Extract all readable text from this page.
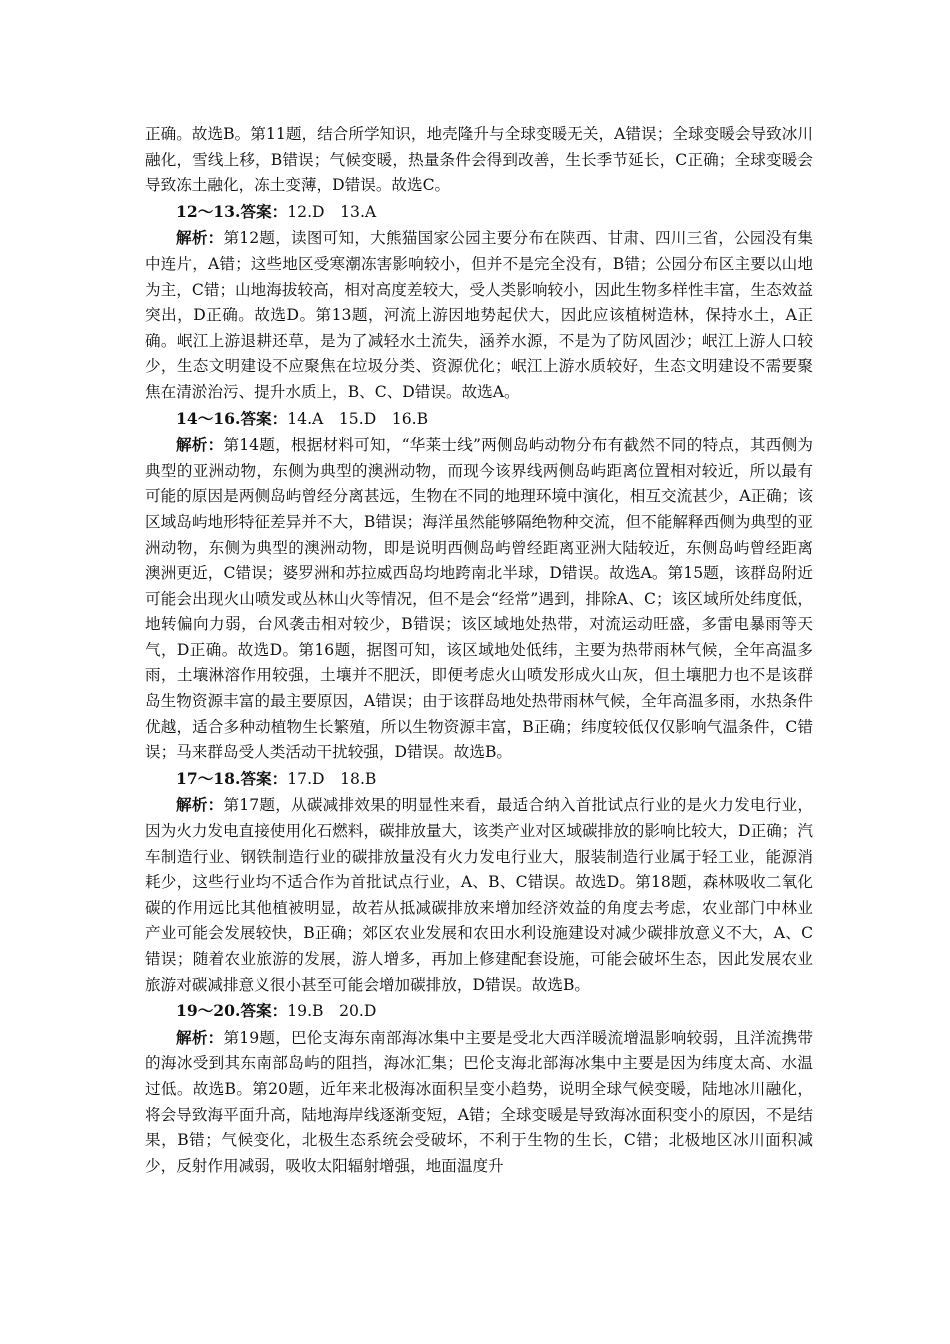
正确。故选B。第11题，结合所学知识，地壳隆升与全球变暖无关，A错误；全球变暖会导致冰川融化，雪线上移，B错误；气候变暖，热量条件会得到改善，生长季节延长，C正确；全球变暖会导致冻土融化，冻土变薄，D错误。故选C。

12～13.答案：12.D　13.A

解析：第12题，读图可知，大熊猫国家公园主要分布在陕西、甘肃、四川三省，公园没有集中连片，A错；这些地区受寒潮冻害影响较小，但并不是完全没有，B错；公园分布区主要以山地为主，C错；山地海拔较高，相对高度差较大，受人类影响较小，因此生物多样性丰富，生态效益突出，D正确。故选D。第13题，河流上游因地势起伏大，因此应该植树造林，保持水土，A正确。岷江上游退耕还草，是为了减轻水土流失，涵养水源，不是为了防风固沙；岷江上游人口较少，生态文明建设不应聚焦在垃圾分类、资源优化；岷江上游水质较好，生态文明建设不需要聚焦在清淤治污、提升水质上，B、C、D错误。故选A。

14～16.答案：14.A　15.D　16.B

解析：第14题，根据材料可知，“华莱士线”两侧岛屿动物分布有截然不同的特点，其西侧为典型的亚洲动物，东侧为典型的澳洲动物，而现今该界线两侧岛屿距离位置相对较近，所以最有可能的原因是两侧岛屿曾经分离甚远，生物在不同的地理环境中演化，相互交流甚少，A正确；该区域岛屿地形特征差异并不大，B错误；海洋虽然能够隔绝物种交流，但不能解释西侧为典型的亚洲动物，东侧为典型的澳洲动物，即是说明西侧岛屿曾经距离亚洲大陆较近，东侧岛屿曾经距离澳洲更近，C错误；婆罗洲和苏拉威西岛均地跨南北半球，D错误。故选A。第15题，该群岛附近可能会出现火山喷发或丛林山火等情况，但不是会“经常”遇到，排除A、C；该区域所处纬度低，地转偏向力弱，台风袭击相对较少，B错误；该区域地处热带，对流运动旺盛，多雷电暴雨等天气，D正确。故选D。第16题，据图可知，该区域地处低纬，主要为热带雨林气候，全年高温多雨，土壤淋溶作用较强，土壤并不肥沃，即便考虑火山喷发形成火山灰，但土壤肥力也不是该群岛生物资源丰富的最主要原因，A错误；由于该群岛地处热带雨林气候，全年高温多雨，水热条件优越，适合多种动植物生长繁殖，所以生物资源丰富，B正确；纬度较低仅仅影响气温条件，C错误；马来群岛受人类活动干扰较强，D错误。故选B。

17～18.答案：17.D　18.B

解析：第17题，从碳减排效果的明显性来看，最适合纳入首批试点行业的是火力发电行业，因为火力发电直接使用化石燃料，碳排放量大，该类产业对区域碳排放的影响比较大，D正确；汽车制造行业、钢铁制造行业的碳排放量没有火力发电行业大，服装制造行业属于轻工业，能源消耗少，这些行业均不适合作为首批试点行业，A、B、C错误。故选D。第18题，森林吸收二氧化碳的作用远比其他植被明显，故若从抵减碳排放来增加经济效益的角度去考虑，农业部门中林业产业可能会发展较快，B正确；郊区农业发展和农田水利设施建设对减少碳排放意义不大，A、C错误；随着农业旅游的发展，游人增多，再加上修建配套设施，可能会破坏生态，因此发展农业旅游对碳减排意义很小甚至可能会增加碳排放，D错误。故选B。

19～20.答案：19.B　20.D

解析：第19题，巴伦支海东南部海冰集中主要是受北大西洋暖流增温影响较弱，且洋流携带的海冰受到其东南部岛屿的阻挡，海冰汇集；巴伦支海北部海冰集中主要是因为纬度太高、水温过低。故选B。第20题，近年来北极海冰面积呈变小趋势，说明全球气候变暖，陆地冰川融化，将会导致海平面升高，陆地海岸线逐渐变短，A错；全球变暖是导致海冰面积变小的原因，不是结果，B错；气候变化，北极生态系统会受破坏，不利于生物的生长，C错；北极地区冰川面积减少，反射作用减弱，吸收太阳辐射增强，地面温度升
